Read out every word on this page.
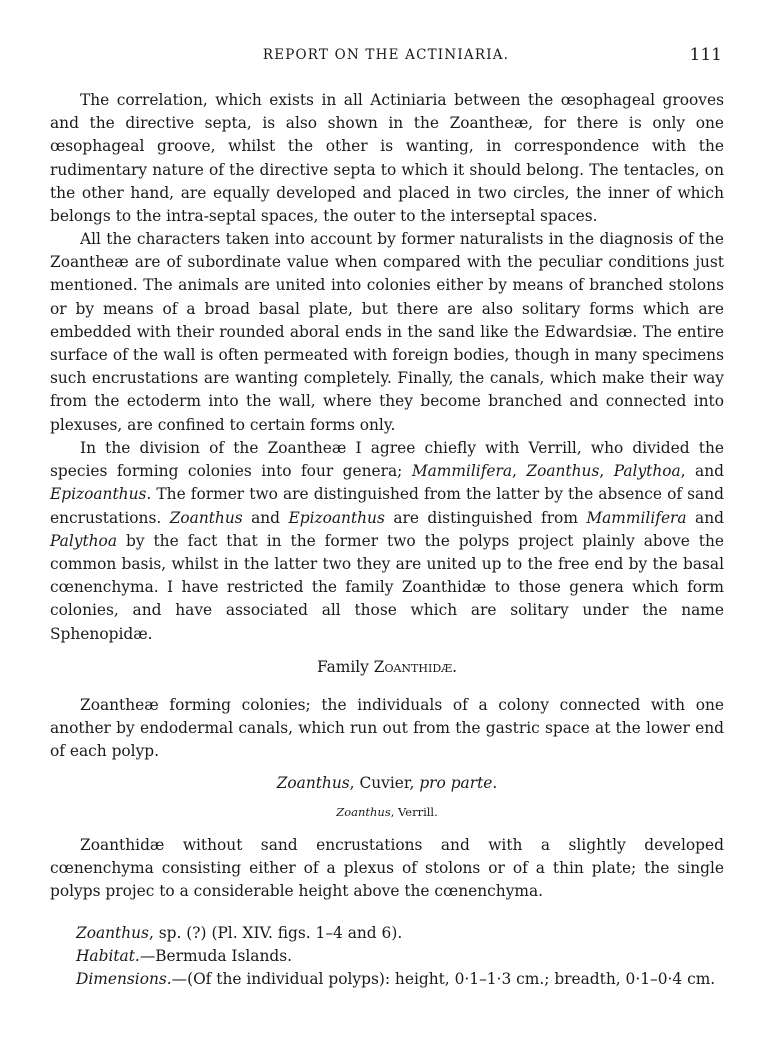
REPORT ON THE ACTINIARIA.	111

The correlation, which exists in all Actiniaria between the œsophageal grooves and the directive septa, is also shown in the Zoantheæ, for there is only one œsophageal groove, whilst the other is wanting, in correspondence with the rudimentary nature of the directive septa to which it should belong. The tentacles, on the other hand, are equally developed and placed in two circles, the inner of which belongs to the intra-septal spaces, the outer to the interseptal spaces.

All the characters taken into account by former naturalists in the diagnosis of the Zoantheæ are of subordinate value when compared with the peculiar conditions just mentioned. The animals are united into colonies either by means of branched stolons or by means of a broad basal plate, but there are also solitary forms which are embedded with their rounded aboral ends in the sand like the Edwardsiæ. The entire surface of the wall is often permeated with foreign bodies, though in many specimens such encrustations are wanting completely. Finally, the canals, which make their way from the ectoderm into the wall, where they become branched and connected into plexuses, are confined to certain forms only.

In the division of the Zoantheæ I agree chiefly with Verrill, who divided the species forming colonies into four genera; Mammilifera, Zoanthus, Palythoa, and Epizoanthus. The former two are distinguished from the latter by the absence of sand encrustations. Zoanthus and Epizoanthus are distinguished from Mammilifera and Palythoa by the fact that in the former two the polyps project plainly above the common basis, whilst in the latter two they are united up to the free end by the basal cœnenchyma. I have restricted the family Zoanthidæ to those genera which form colonies, and have associated all those which are solitary under the name Sphenopidæ.

Family Zoanthidæ.

Zoantheæ forming colonies; the individuals of a colony connected with one another by endodermal canals, which run out from the gastric space at the lower end of each polyp.

Zoanthus, Cuvier, pro parte.

Zoanthus, Verrill.

Zoanthidæ without sand encrustations and with a slightly developed cœnenchyma consisting either of a plexus of stolons or of a thin plate; the single polyps projec to a considerable height above the cœnenchyma.

Zoanthus, sp. (?) (Pl. XIV. figs. 1–4 and 6).

Habitat.—Bermuda Islands.

Dimensions.—(Of the individual polyps): height, 0·1–1·3 cm.; breadth, 0·1–0·4 cm.
